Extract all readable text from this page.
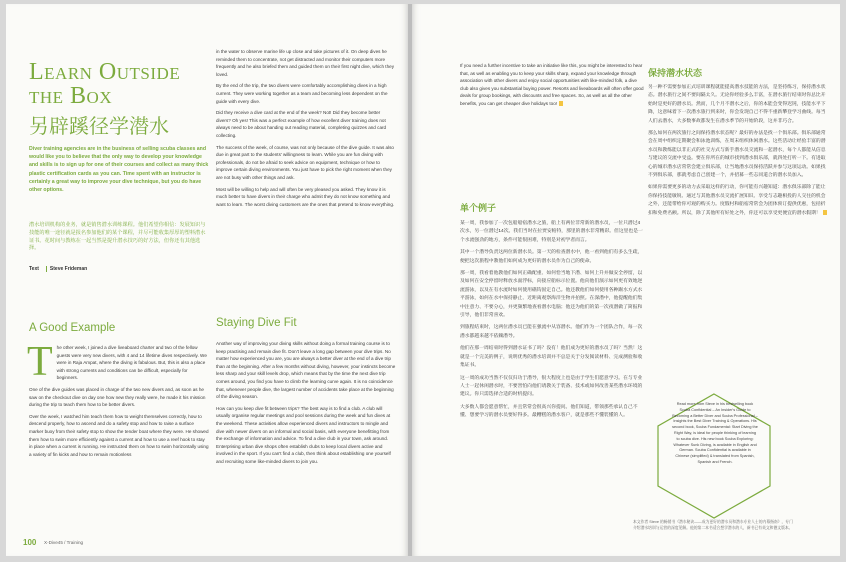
Learn Outside
the Box
另辟蹊径学潜水
Diver training agencies are in the business of selling scuba classes and would like you to believe that the only way to develop your knowledge and skills is to sign up for one of their courses and collect as many thick plastic certification cards as you can. Time spent with an instructor is certainly a great way to improve your dive technique, but you do have other options.
潜水培训机构的业务，就是销售潜水训练课程。他们希望你相信：发展知识与技能的唯一途径就是报名参加他们的某个课程，并尽可能收集厚厚的塑料潜水证书。花时间与教练在一起当然是提升潜水技巧的好方法，但你还有其他选择。
Text Steve Frideman
A Good Example

The other week, I joined a dive liveaboard charter and two of the fellow guests were very new divers, with 4 and 14 lifetime dives respectively. We were in Raja Ampat, where the diving is fabulous. But, this is also a place with strong currents and conditions can be difficult, especially for beginners.

One of the dive guides was placed in charge of the two new divers and, as soon as he saw on the checkout dive on day one how new they really were, he made it his mission during the trip to teach them how to be better divers.

Over the week, I watched him teach them how to weight themselves correctly, how to descend properly, how to ascend and do a safety stop and how to raise a surface marker buoy from their safety stop to show the tender boat where they were. He showed them how to swim more efficiently against a current and how to use a reef hook to stay in place when a current is running. He instructed them on how to swim horizontally using a variety of fin kicks and how to remain motionless

in the water to observe marine life up close and take pictures of it. On deep dives he reminded them to concentrate, not get distracted and monitor their computers more frequently and he also briefed them and guided them on their first night dive, which they loved.

By the end of the trip, the two divers were comfortably accomplishing dives in a high current. They were working together as a team and becoming less dependent on the guide with every dive.

Did they receive a dive card at the end of the week? Not! Did they become better divers? Oh yes! This was a perfect example of how excellent diver training does not always need to be about handing out reading material, completing quizzes and card collecting.

The success of the week, of course, was not only because of the dive guide. It was also due in great part to the students' willingness to learn. While you are fun diving with professionals, do not be afraid to seek advice on equipment, technique or how to improve certain diving environments. You just have to pick the right moment when they are not busy with other things and ask.

Most will be willing to help and will often be very pleased you asked. They know it is much better to have divers in their charge who admit they do not know something and want to learn. The worst diving customers are the ones that pretend to know everything.

Staying Dive Fit

Another way of improving your diving skills without doing a formal training course is to keep practising and remain dive fit. Don't leave a long gap between your dive trips. No matter how experienced you are, you are always a better diver at the end of a dive trip than at the beginning. After a few months without diving, however, your instincts become less sharp and your skill levels drop, which means that by the time the next dive trip comes around, you find you have to climb the learning curve again. It is no coincidence that, whenever people dive, the largest number of accidents take place at the beginning of the diving season.

How can you keep dive fit between trips? The best way is to find a club. A club will usually organise regular meetings and pool sessions during the week and fun dives at the weekend. These activities allow experienced divers and instructors to mingle and dive with newer divers on an informal and social basis, with everyone benefitting from the exchange of information and advice. To find a dive club in your town, ask around. Enterprising urban dive shops often establish clubs to keep local divers active and involved in the sport. If you can't find a club, then think about establishing one yourself and recruiting some like-minded divers to join you.

100 X-Dive45 / Training

If you need a further incentive to take an initiative like this, you might be interested to hear that, as well as enabling you to keep your skills sharp, expand your knowledge through association with other divers and enjoy social opportunities with like-minded folk, a dive club also gives you substantial buying power. Resorts and liveaboards will often offer good deals for group bookings, with discounts and free spaces. So, as well as all the other benefits, you can get cheaper dive holidays too!

单个例子

某一周，我参加了一次包船船宿潜水之旅，船上有两位非常新的潜水员，一位只潜过4次水，另一位潜过14次。我们当时在拉贾安帕特，那里的潜水非常精彩。但这里也是一个水流强劲的地方，条件可能很困难，特别是对初学者而言。

其中一个潜导负责这两位新潜水员。第一天的检查潜水中，他一看到他们有多么生疏，便把这次旅程中教他们如何成为更好的潜水员作为自己的使命。

那一周，我看着他教他们如何正确配重、如何恰当地下潜、如何上升并做安全停留，以及如何在安全停留时释放水面浮标，向接应船标示位置。他向他们演示如何更有效地逆流游泳，以及在有水流时如何使用礁钩固定自己。他还教他们如何使用各种踢水方式水平游泳，如何在水中保持静止、近距离观察海洋生物并拍照。在深潜中，他提醒他们集中注意力、不要分心，并更频繁地查看潜水电脑；他还为他们的第一次夜潜做了简报和引导，他们非常喜欢。

到旅程结束时，这两位潜水员已能在强流中从容潜水。他们作为一个团队合作，每一次潜水都越来越不依赖潜导。

他们在那一周结束时得到潜水证书了吗？没有！他们成为更好的潜水员了吗？当然！这就是一个完美的例子，说明优秀的潜水培训并不总是关于分发阅读材料、完成测验和收集证书。

这一周的成功当然不仅仅归功于潜导，很大程度上也是由于学生们愿意学习。在与专业人士一起休闲潜水时，不要害怕向他们请教关于装备、技术或如何改善某些潜水环境的建议。你只需选择合适的时机提问。

大多数人都会愿意帮忙，并且常常会很高兴你提问。他们知道，带领那些承认自己不懂、想要学习的潜水员要好得多。最糟糕的潜水客户，就是那些不懂装懂的人。

保持潜水状态

另一种不需要参加正式培训课程就能提高潜水技能的方法，是坚持练习，保持潜水状态。潜水旅行之间不要间隔太久。无论你经验多么丰富，在潜水旅行结束时你总比开始时是更好的潜水员。然而，几个月不潜水之后，你的本能会变得迟钝，技能水平下降，这意味着下一次潜水旅行到来时，你会发现自己不得不重新攀登学习曲线。每当人们去潜水，大多数事故都发生在潜水季节的开始阶段，这并非巧合。

那么如何在两次旅行之间保持潜水状态呢？最好的办法是找一个俱乐部。俱乐部通常会在周中组织定期聚会和泳池训练，在周末组织休闲潜水。这些活动让经验丰富的潜水员和教练能以非正式的社交方式与新手潜水员交流和一起潜水，每个人都能从信息与建议的交流中受益。要在你所在的城市找到潜水俱乐部，就四处打听一下。有进取心的城市潜水店常常会建立俱乐部，让当地潜水员保持活跃并参与这项运动。如果找不到俱乐部，那就考虑自己创建一个，并招募一些志同道合的潜水员加入。

如果你需要更多的动力去采取这样的行动，你可能有兴趣知道：潜水俱乐部除了能让你保持技能敏锐、通过与其他潜水员交流扩展知识、享受与志趣相投的人交往的机会之外，还能带给你可观的购买力。度假村和船宿常常会为团体预订提供优惠，包括折扣和免费名额。所以，除了其他所有好处之外，你还可以享受更便宜的潜水假期！

Read more from Steve in his bestselling book Scuba Confidential – An Insider's Guide to Becoming a Better Diver and Scuba Professional – Insights the Best Diver Training & Operations. His second book, Scuba Fundamental: Start Diving the Right Way, is ideal for people thinking of learning to scuba dive. His new book Scuba Exploring: Whatever Sunk Diving, is available in English and German. Scuba Confidential is available in Chinese (simplified) & translated from Spanish, Spanish and French.
本文作者 Steve 的畅销书《潜水秘诀——成为更好的潜水员和潜水专业人士的内幕指南》，专门介绍潜水培训与运营的深度见解。他的第二本书适合想学潜水的人，新书已有英文和德文版本。
